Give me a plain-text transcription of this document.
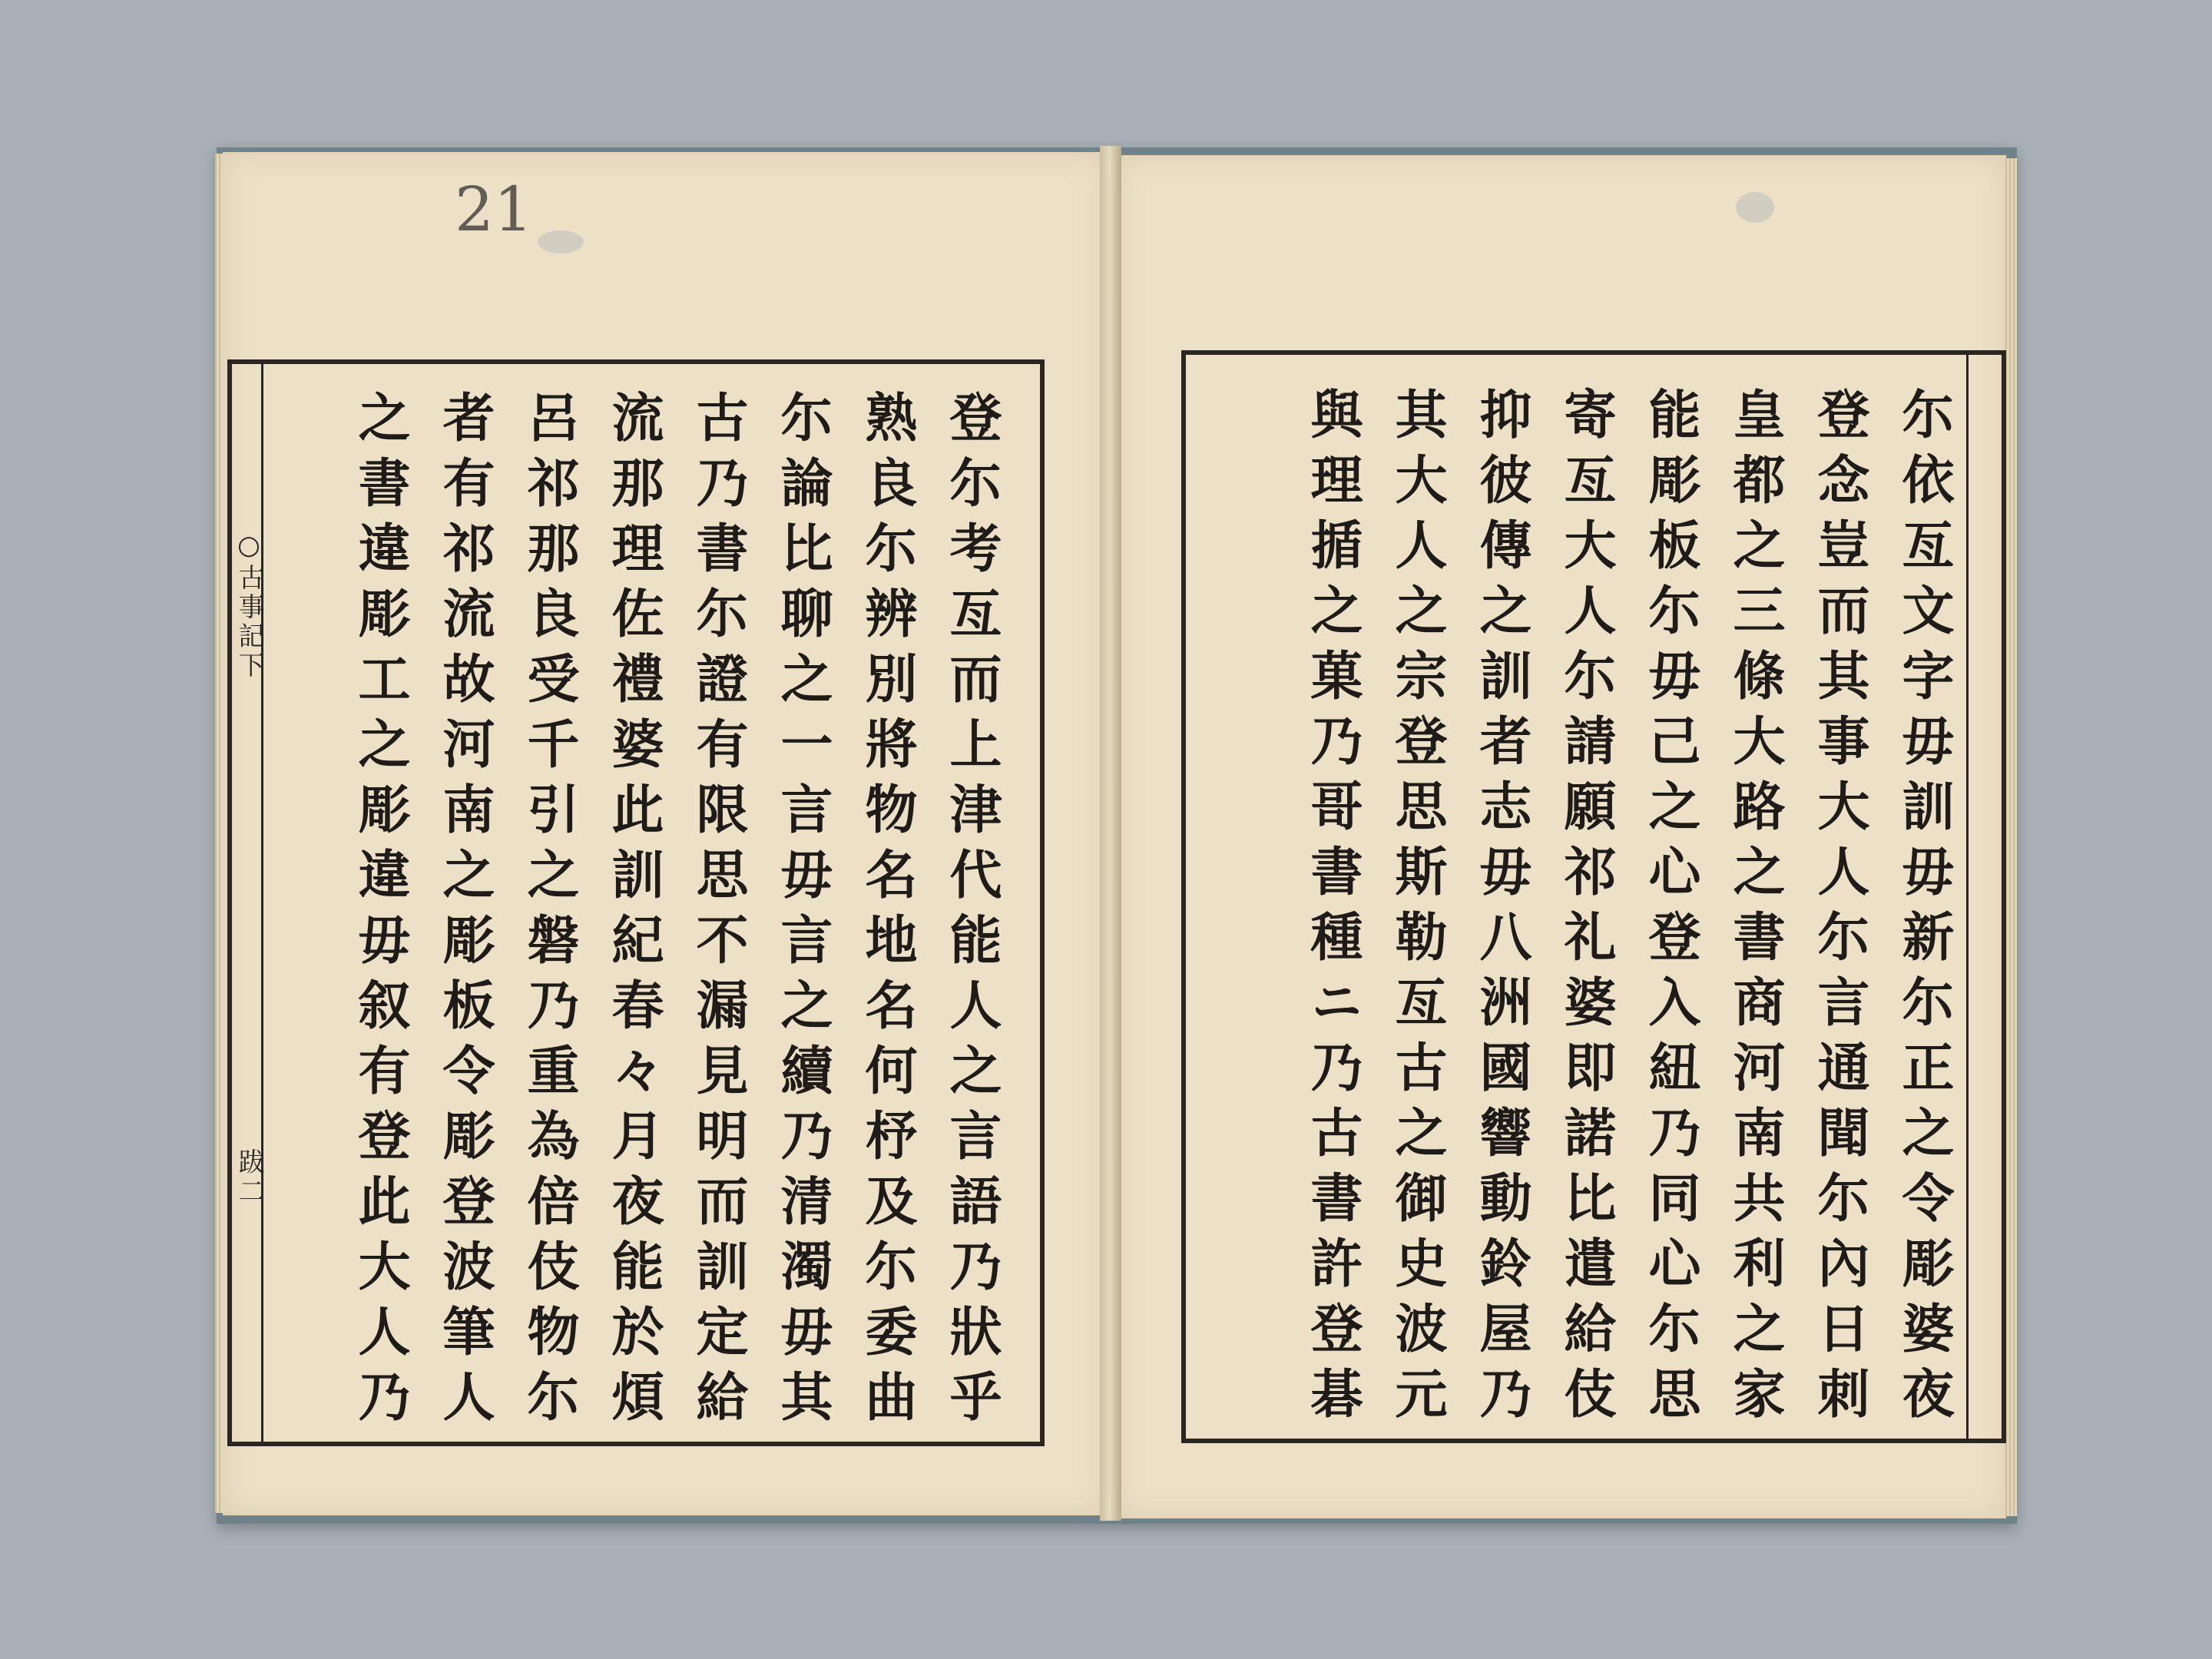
21
○古事記下
跋二	登尓考亙而上津代能人之言語乃狀乎
熟良尓辨別將物名地名何杼及尓委曲
尓論比聊之一言毋言之續乃清濁毋其
古乃書尓證有限思不漏見明而訓定給
流那理佐禮婆此訓紀春々月夜能於煩
呂祁那良受千引之磐乃重為倍伎物尓
者有祁流故河南之彫板令彫登波筆人
之書違彫工之彫違毋叙有登此大人乃	尓依亙文字毋訓毋新尓正之令彫婆夜
登念豈而其事大人尓言通聞尓內日刺
皇都之三條大路之書商河南共利之家
能彫板尓毋己之心登入紐乃同心尓思
寄亙大人尓請願祁礼婆即諾比遣給伎
抑彼傳之訓者志毋八洲國響動鈴屋乃
其大人之宗登思斯勒亙古之御史波元
與理揗之菓乃哥書種ニ乃古書許登碁
